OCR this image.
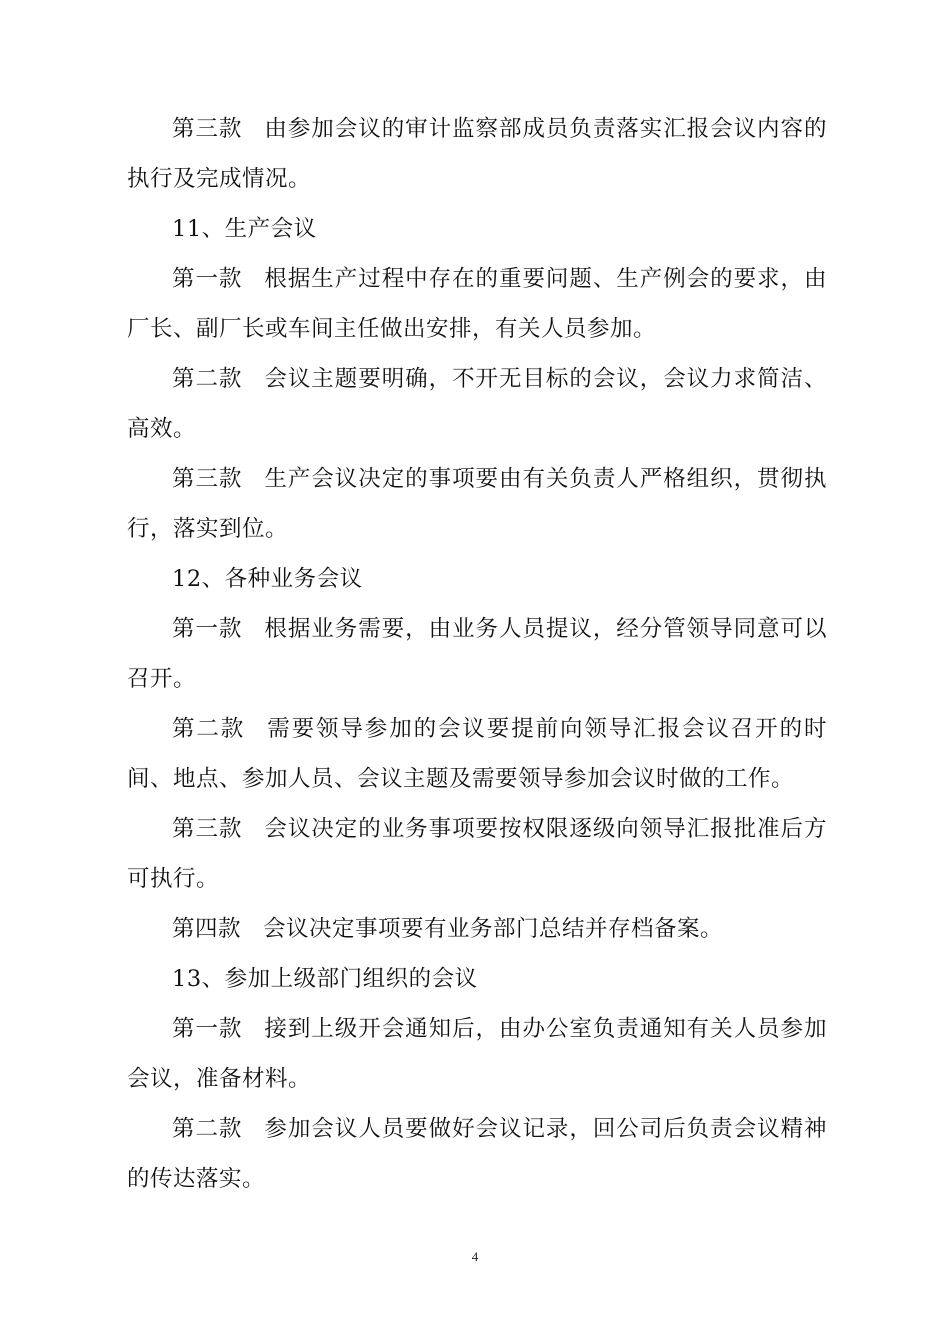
第三款 由参加会议的审计监察部成员负责落实汇报会议内容的执行及完成情况。

11、生产会议

第一款 根据生产过程中存在的重要问题、生产例会的要求，由厂长、副厂长或车间主任做出安排，有关人员参加。

第二款 会议主题要明确，不开无目标的会议，会议力求简洁、高效。

第三款 生产会议决定的事项要由有关负责人严格组织，贯彻执行，落实到位。

12、各种业务会议

第一款 根据业务需要，由业务人员提议，经分管领导同意可以召开。

第二款 需要领导参加的会议要提前向领导汇报会议召开的时间、地点、参加人员、会议主题及需要领导参加会议时做的工作。

第三款 会议决定的业务事项要按权限逐级向领导汇报批准后方可执行。

第四款 会议决定事项要有业务部门总结并存档备案。

13、参加上级部门组织的会议

第一款 接到上级开会通知后，由办公室负责通知有关人员参加会议，准备材料。

第二款 参加会议人员要做好会议记录，回公司后负责会议精神的传达落实。

4
